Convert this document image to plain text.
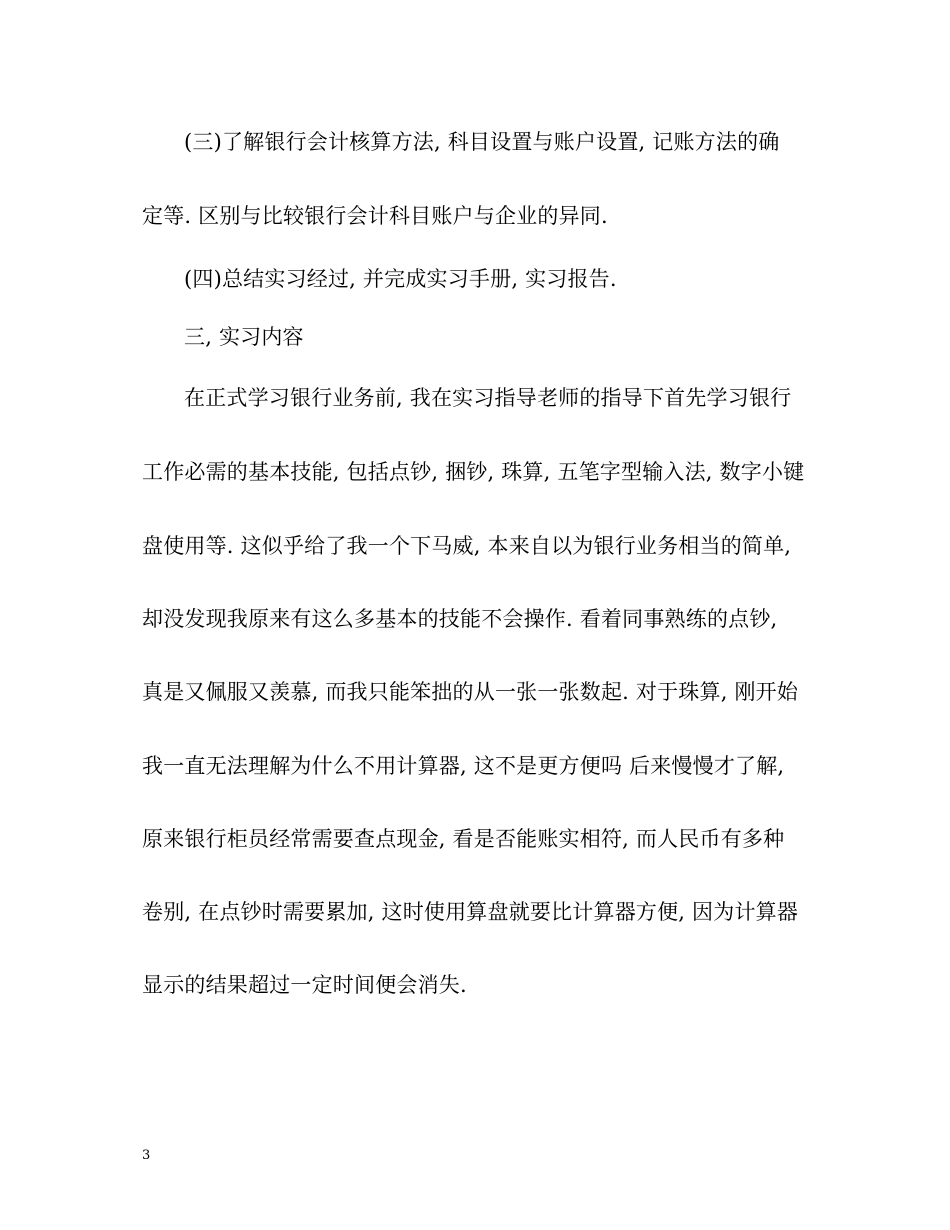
(三)了解银行会计核算方法, 科目设置与账户设置, 记账方法的确
定等. 区别与比较银行会计科目账户与企业的异同.
(四)总结实习经过, 并完成实习手册, 实习报告.
三, 实习内容
在正式学习银行业务前, 我在实习指导老师的指导下首先学习银行
工作必需的基本技能, 包括点钞, 捆钞, 珠算, 五笔字型输入法, 数字小键
盘使用等. 这似乎给了我一个下马威, 本来自以为银行业务相当的简单,
却没发现我原来有这么多基本的技能不会操作. 看着同事熟练的点钞,
真是又佩服又羡慕, 而我只能笨拙的从一张一张数起. 对于珠算, 刚开始
我一直无法理解为什么不用计算器, 这不是更方便吗 后来慢慢才了解,
原来银行柜员经常需要查点现金, 看是否能账实相符, 而人民币有多种
卷别, 在点钞时需要累加, 这时使用算盘就要比计算器方便, 因为计算器
显示的结果超过一定时间便会消失.
3
